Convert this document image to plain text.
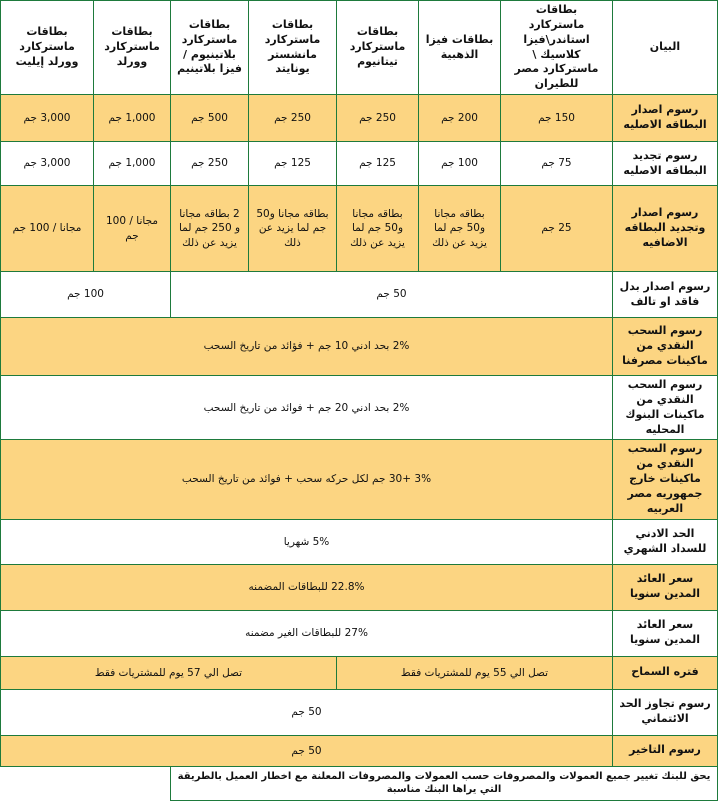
البيان	بطاقات ماستركارد استاندر\فيزا كلاسيك \ ماستركارد مصر للطيران	بطاقات فيزا الذهبية	بطاقات ماستركارد تيتانيوم	بطاقات ماستركارد مانشستر يونايتد	بطاقات ماستركارد بلاتينيوم / فيزا بلاتينيم	بطاقات ماستركارد وورلد	بطاقات ماستركارد وورلد إيليت
رسوم اصدار البطاقه الاصليه	150 جم	200 جم	250 جم	250 جم	500 جم	1,000 جم	3,000 جم
رسوم تجديد البطاقه الاصليه	75 جم	100 جم	125 جم	125 جم	250 جم	1,000 جم	3,000 جم
رسوم اصدار وتجديد البطاقه الاضافيه	25 جم	بطاقه مجانا و50 جم لما يزيد عن ذلك	بطاقه مجانا و50 جم لما يزيد عن ذلك	بطاقه مجانا و50 جم لما يزيد عن ذلك	2 بطاقه مجانا و 250 جم لما يزيد عن ذلك	مجانا / 100 جم	مجانا / 100 جم
رسوم اصدار بدل فاقد او تالف	50 جم					100 جم	
رسوم السحب النقدي من ماكينات مصرفنا	2% بحد ادني 10 جم + فؤائد من تاريخ السحب						
رسوم السحب النقدي من ماكينات البنوك المحليه	2% بحد ادني 20 جم + فوائد من تاريخ السحب						
رسوم السحب النقدي من ماكينات خارج جمهوريه مصر العربيه	3% +30 جم لكل حركه سحب + فوائد من تاريخ السحب						
الحد الادني للسداد الشهري	5% شهريا						
سعر العائد المدين سنويا	22.8% للبطاقات المضمنه						
سعر العائد المدين سنويا	27% للبطاقات الغير مضمنه						
فتره السماح	تصل الي 55 يوم للمشتريات فقط			تصل الي 57 يوم للمشتريات فقط			
رسوم تجاوز الحد الائتماني	50 جم						
رسوم التاخير	50 جم						
يحق للبنك تغيير جميع العمولات والمصروفات حسب العمولات والمصروفات المعلنة مع اخطار العميل بالطريقة التي يراها البنك مناسبة							
